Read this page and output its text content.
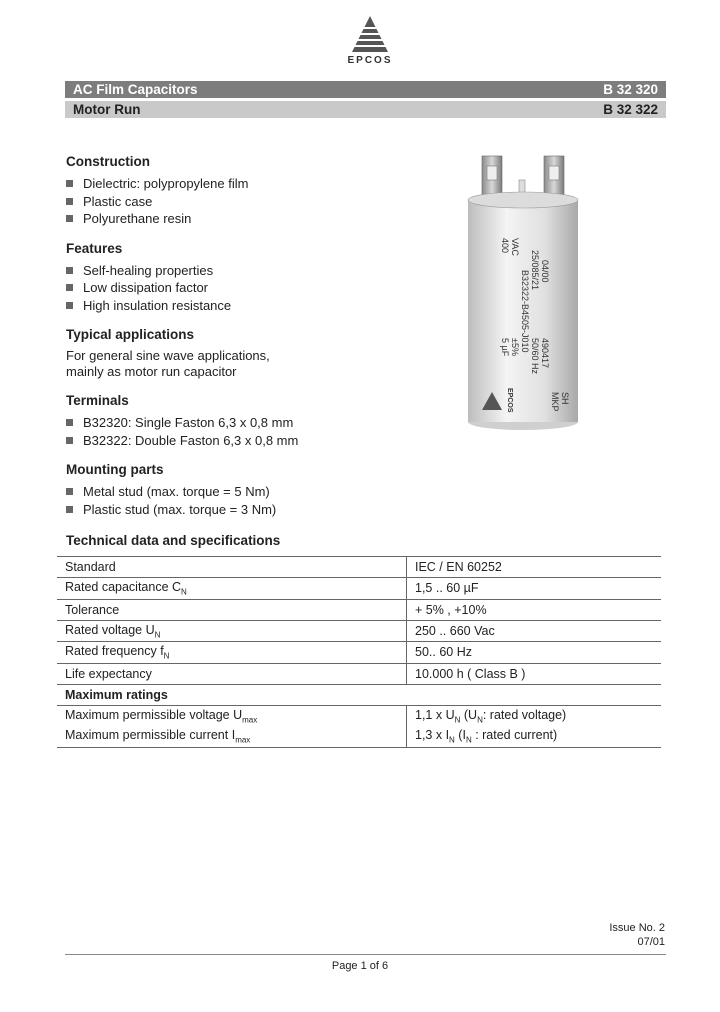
EPCOS
AC Film Capacitors	B 32 320
Motor Run	B 32 322
Construction
Dielectric: polypropylene film
Plastic case
Polyurethane resin
Features
Self-healing properties
Low dissipation factor
High insulation resistance
Typical applications

For general sine wave applications,
mainly as motor run capacitor

Terminals
B32320: Single Faston 6,3 x 0,8 mm
B32322: Double Faston 6,3 x 0,8 mm
Mounting parts
Metal stud (max. torque = 5 Nm)
Plastic stud (max. torque = 3 Nm)
400 VAC
5 µF ±5% B32322-B4505-J010
50/60 Hz
25/085/21
490417
04/00
MKP SH
EPCOS
Technical data and specifications
Standard	IEC / EN 60252
Rated capacitance $C_N$	1,5 .. 60 µF
Tolerance	+ 5% , +10%
Rated voltage $U_N$	250 .. 660 Vac
Rated frequency $f_N$	50.. 60 Hz
Life expectancy	10.000 h ( Class B )
Maximum ratings	
Maximum permissible voltage $U_{max}$	1,1 x $U_N$ ($U_N$: rated voltage)
Maximum permissible current $I_{max}$	1,3 x $I_N$ ($I_N$ : rated current)
Issue No. 2
07/01
Page 1 of 6
